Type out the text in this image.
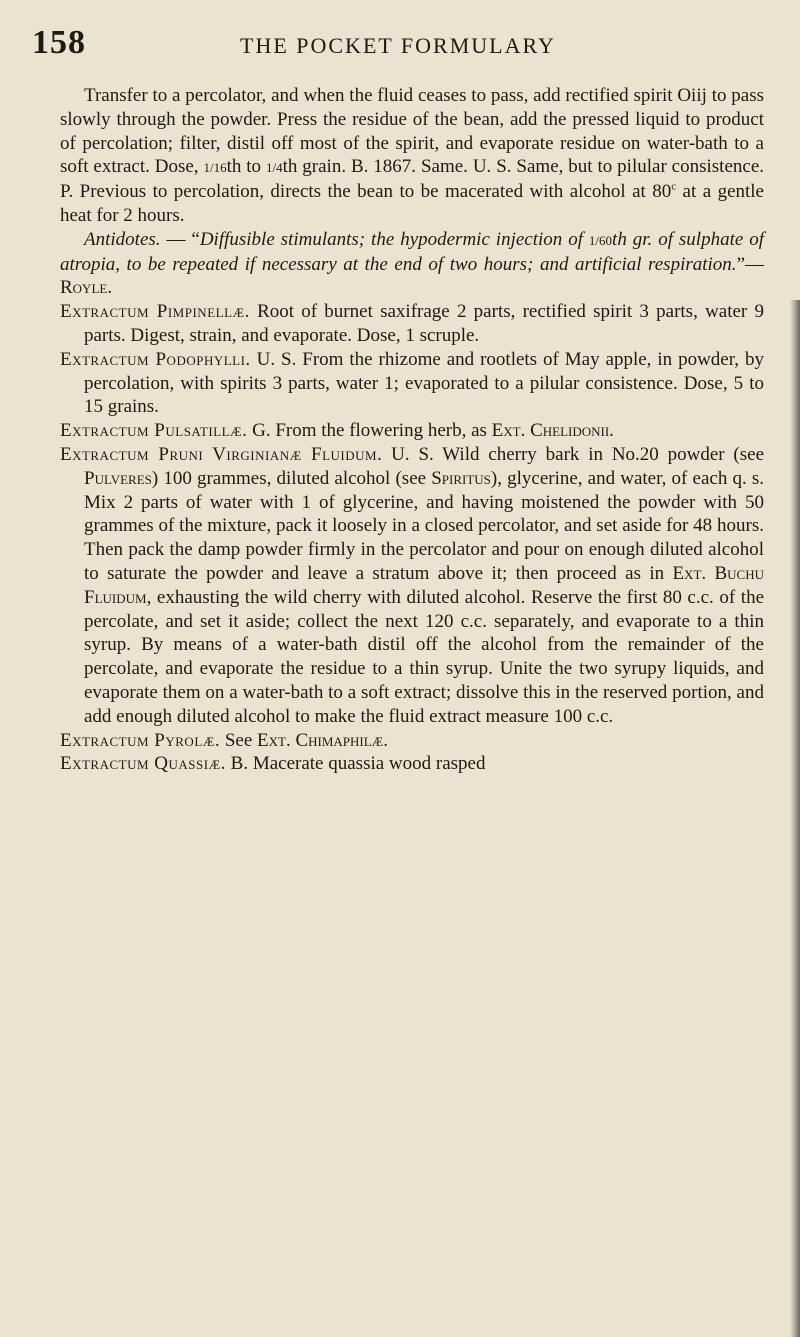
158	THE POCKET FORMULARY

Transfer to a percolator, and when the fluid ceases to pass, add rectified spirit Oiij to pass slowly through the powder. Press the residue of the bean, add the pressed liquid to product of percolation; filter, distil off most of the spirit, and evaporate residue on water-bath to a soft extract. Dose, 1/16th to 1/4th grain. B. 1867. Same. U. S. Same, but to pilular consistence. P. Previous to percolation, directs the bean to be macerated with alcohol at 80$^c$ at a gentle heat for 2 hours.

Antidotes. — “Diffusible stimulants; the hypodermic injection of 1/60th gr. of sulphate of atropia, to be repeated if necessary at the end of two hours; and artificial respiration.”—Royle.

Extractum Pimpinellæ. Root of burnet saxifrage 2 parts, rectified spirit 3 parts, water 9 parts. Digest, strain, and evaporate. Dose, 1 scruple.

Extractum Podophylli. U. S. From the rhizome and rootlets of May apple, in powder, by percolation, with spirits 3 parts, water 1; evaporated to a pilular consistence. Dose, 5 to 15 grains.

Extractum Pulsatillæ. G. From the flowering herb, as Ext. Chelidonii.

Extractum Pruni Virginianæ Fluidum. U. S. Wild cherry bark in No.20 powder (see Pulveres) 100 grammes, diluted alcohol (see Spiritus), glycerine, and water, of each q. s. Mix 2 parts of water with 1 of glycerine, and having moistened the powder with 50 grammes of the mixture, pack it loosely in a closed percolator, and set aside for 48 hours. Then pack the damp powder firmly in the percolator and pour on enough diluted alcohol to saturate the powder and leave a stratum above it; then proceed as in Ext. Buchu Fluidum, exhausting the wild cherry with diluted alcohol. Reserve the first 80 c.c. of the percolate, and set it aside; collect the next 120 c.c. separately, and evaporate to a thin syrup. By means of a water-bath distil off the alcohol from the remainder of the percolate, and evaporate the residue to a thin syrup. Unite the two syrupy liquids, and evaporate them on a water-bath to a soft extract; dissolve this in the reserved portion, and add enough diluted alcohol to make the fluid extract measure 100 c.c.

Extractum Pyrolæ. See Ext. Chimaphilæ.

Extractum Quassiæ. B. Macerate quassia wood rasped
